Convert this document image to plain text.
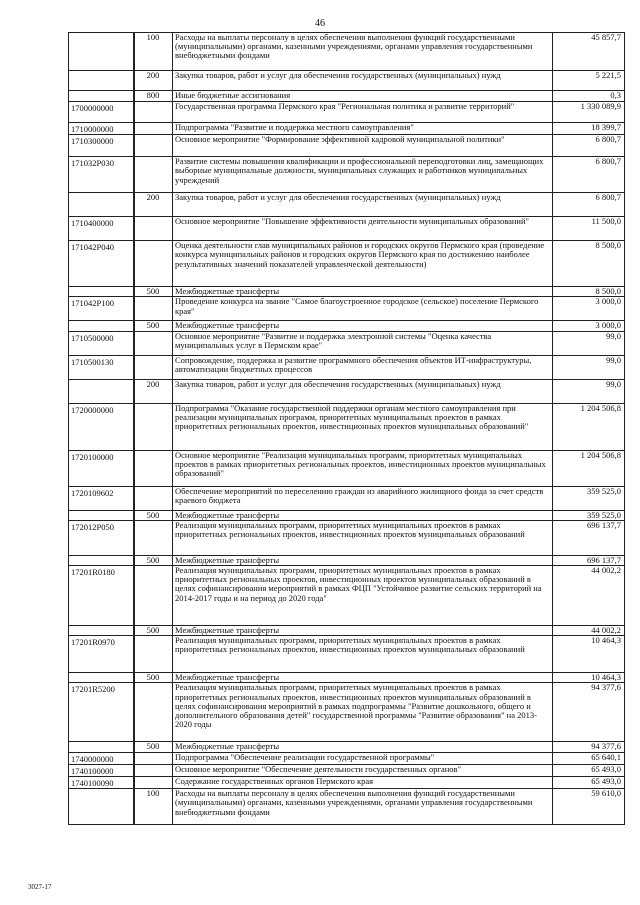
46
		100	Расходы на выплаты персоналу в целях обеспечения выполнения функций государственными (муниципальными) органами, казенными учреждениями, органами управления государственными внебюджетными фондами	45 857,7
		200	Закупка товаров, работ и услуг для обеспечения государственных (муниципальных) нужд	5 221,5
		800	Иные бюджетные ассигнования	0,3
1700000000			Государственная программа Пермского края "Региональная политика и развитие территорий"	1 330 089,9
1710000000			Подпрограмма "Развитие и поддержка местного самоуправления"	18 399,7
1710300000			Основное мероприятие "Формирование эффективной кадровой муниципальной политики"	6 800,7
171032Р030			Развитие системы повышения квалификации и профессиональной переподготовки лиц, замещающих выборные муниципальные должности, муниципальных служащих и работников муниципальных учреждений	6 800,7
		200	Закупка товаров, работ и услуг для обеспечения государственных (муниципальных) нужд	6 800,7
1710400000			Основное мероприятие "Повышение эффективности деятельности муниципальных образований"	11 500,0
171042Р040			Оценка деятельности глав муниципальных районов и городских округов Пермского края (проведение конкурса муниципальных районов и городских округов Пермского края по достижению наиболее результативных значений показателей управленческой деятельности)	8 500,0
		500	Межбюджетные трансферты	8 500,0
171042Р100			Проведение конкурса на звание "Самое благоустроенное городское (сельское) поселение Пермского края"	3 000,0
		500	Межбюджетные трансферты	3 000,0
1710500000			Основное мероприятие "Развитие и поддержка электронной системы "Оценка качества муниципальных услуг в Пермском крае"	99,0
1710500130			Сопровождение, поддержка и развитие программного обеспечения объектов ИТ-инфраструктуры, автоматизации бюджетных процессов	99,0
		200	Закупка товаров, работ и услуг для обеспечения государственных (муниципальных) нужд	99,0
1720000000			Подпрограмма "Оказание государственной поддержки органам местного самоуправления при реализации муниципальных программ, приоритетных муниципальных проектов в рамках приоритетных региональных проектов, инвестиционных проектов муниципальных образований"	1 204 506,8
1720100000			Основное мероприятие "Реализация муниципальных программ, приоритетных муниципальных проектов в рамках приоритетных региональных проектов, инвестиционных проектов муниципальных образований"	1 204 506,8
1720109602			Обеспечение мероприятий по переселению граждан из аварийного жилищного фонда за счет средств краевого бюджета	359 525,0
		500	Межбюджетные трансферты	359 525,0
172012Р050			Реализация муниципальных программ, приоритетных муниципальных проектов в рамках приоритетных региональных проектов, инвестиционных проектов муниципальных образований	696 137,7
		500	Межбюджетные трансферты	696 137,7
17201R0180			Реализация муниципальных программ, приоритетных муниципальных проектов в рамках приоритетных региональных проектов, инвестиционных проектов муниципальных образований в целях софинансирования мероприятий в рамках ФЦП "Устойчивое развитие сельских территорий на 2014-2017 годы и на период до 2020 года"	44 002,2
		500	Межбюджетные трансферты	44 002,2
17201R0970			Реализация муниципальных программ, приоритетных муниципальных проектов в рамках приоритетных региональных проектов, инвестиционных проектов муниципальных образований	10 464,3
		500	Межбюджетные трансферты	10 464,3
17201R5200			Реализация муниципальных программ, приоритетных муниципальных проектов в рамках приоритетных региональных проектов, инвестиционных проектов муниципальных образований в целях софинансирования мероприятий в рамках подпрограммы "Развитие дошкольного, общего и дополнительного образования детей" государственной программы "Развитие образования" на 2013-2020 годы	94 377,6
		500	Межбюджетные трансферты	94 377,6
1740000000			Подпрограмма "Обеспечение реализации государственной программы"	65 640,1
1740100000			Основное мероприятие "Обеспечение деятельности государственных органов"	65 493,0
1740100090			Содержание государственных органов Пермского края	65 493,0
		100	Расходы на выплаты персоналу в целях обеспечения выполнения функций государственными (муниципальными) органами, казенными учреждениями, органами управления государственными внебюджетными фондами	59 610,0
3027-17
